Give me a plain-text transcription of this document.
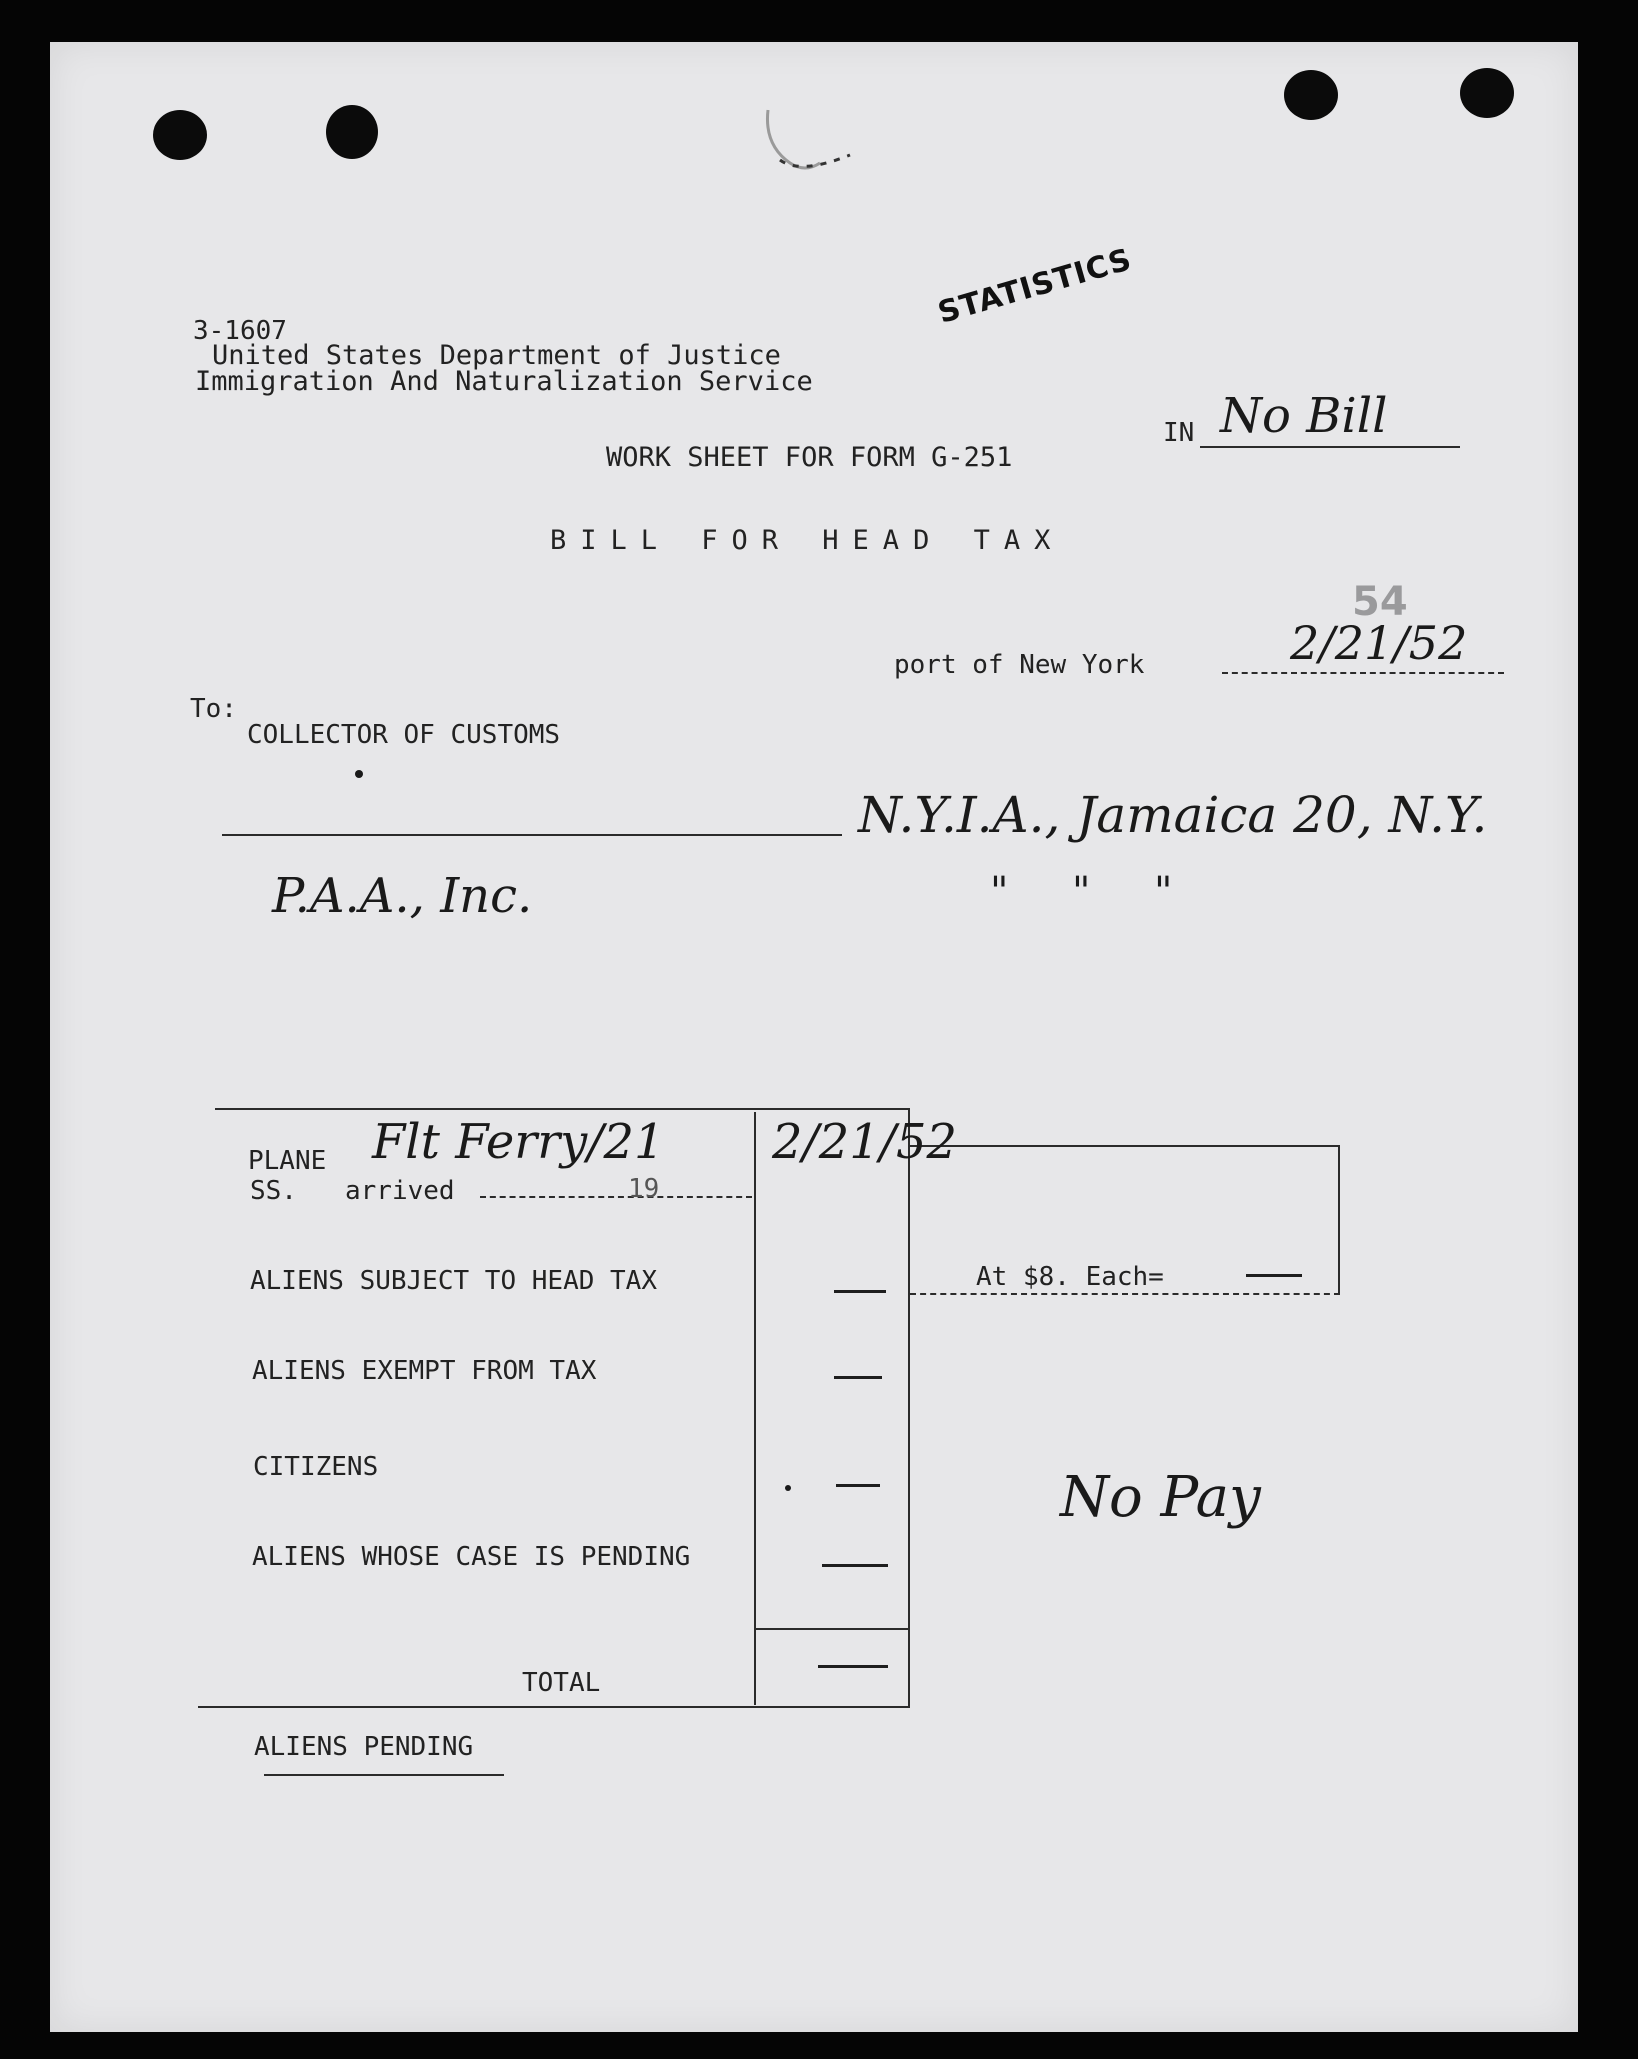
3-1607
United States Department of Justice
Immigration And Naturalization Service
STATISTICS
IN No Bill
WORK SHEET FOR FORM G-251
BILL FOR HEAD TAX
54
port of New York	2/21/52
To:
COLLECTOR OF CUSTOMS
N.Y.I.A., Jamaica 20, N.Y.
P.A.A., Inc.	"     "     "
PLANE Flt Ferry/21
SS. arrived	19
2/21/52
ALIENS SUBJECT TO HEAD TAX	At $8. Each=
ALIENS EXEMPT FROM TAX
CITIZENS	No Pay
ALIENS WHOSE CASE IS PENDING
TOTAL
ALIENS PENDING
